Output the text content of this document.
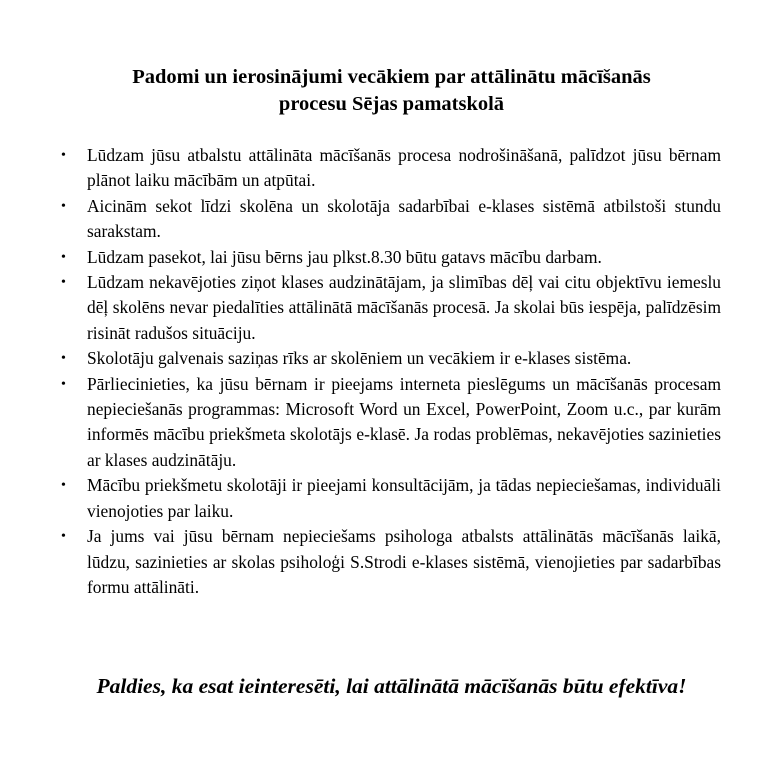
Padomi un ierosinājumi vecākiem par attālinātu mācīšanās
procesu Sējas pamatskolā
• Lūdzam jūsu atbalstu attālināta mācīšanās procesa nodrošināšanā, palīdzot jūsu bērnam plānot laiku mācībām un atpūtai.
• Aicinām sekot līdzi skolēna un skolotāja sadarbībai e-klases sistēmā atbilstoši stundu sarakstam.
• Lūdzam pasekot, lai jūsu bērns jau plkst.8.30 būtu gatavs mācību darbam.
• Lūdzam nekavējoties ziņot klases audzinātājam, ja slimības dēļ vai citu objektīvu iemeslu dēļ skolēns nevar piedalīties attālinātā mācīšanās procesā. Ja skolai būs iespēja, palīdzēsim risināt radušos situāciju.
• Skolotāju galvenais saziņas rīks ar skolēniem un vecākiem ir e-klases sistēma.
• Pārliecinieties, ka jūsu bērnam ir pieejams interneta pieslēgums un mācīšanās procesam nepieciešanās programmas: Microsoft Word un Excel, PowerPoint, Zoom u.c., par kurām informēs mācību priekšmeta skolotājs e-klasē. Ja rodas problēmas, nekavējoties sazinieties ar klases audzinātāju.
• Mācību priekšmetu skolotāji ir pieejami konsultācijām, ja tādas nepieciešamas, individuāli vienojoties par laiku.
• Ja jums vai jūsu bērnam nepieciešams psihologa atbalsts attālinātās mācīšanās laikā, lūdzu, sazinieties ar skolas psiholoģi S.Strodi e-klases sistēmā, vienojieties par sadarbības formu attālināti.

Paldies, ka esat ieinteresēti, lai attālinātā mācīšanās būtu efektīva!
